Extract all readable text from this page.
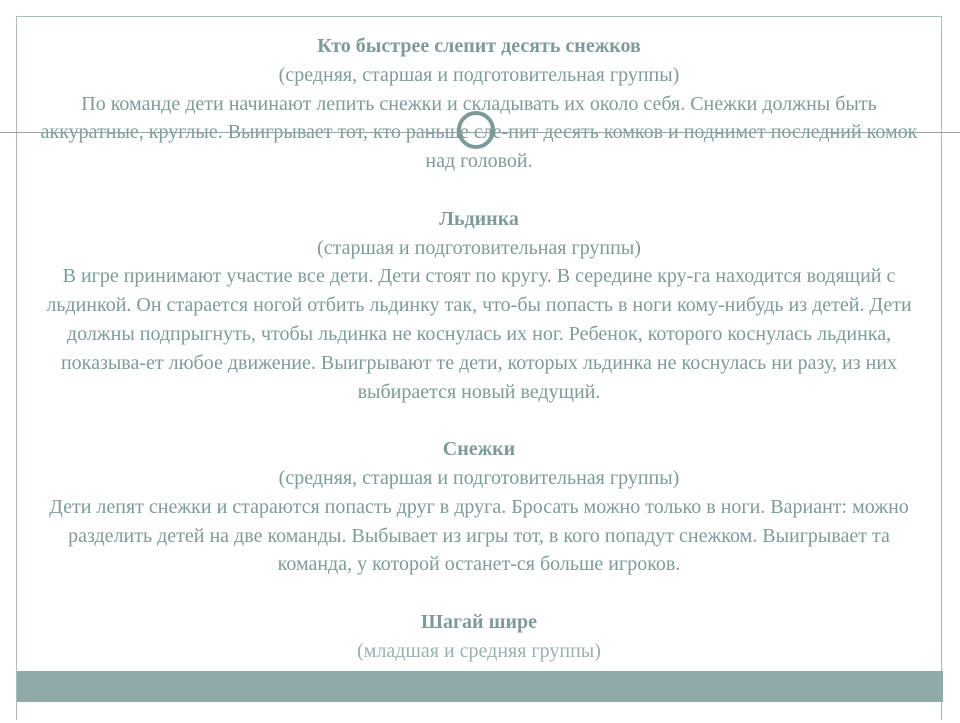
Кто быстрее слепит десять снежков
(средняя, старшая и подготовительная группы)
По команде дети начинают лепить снежки и складывать их около себя. Снежки должны быть аккуратные, круглые. Выигрывает тот, кто раньше сле-пит десять комков и поднимет последний комок над головой.
Льдинка
(старшая и подготовительная группы)
В игре принимают участие все дети. Дети стоят по кругу. В середине кру-га находится водящий с льдинкой. Он старается ногой отбить льдинку так, что-бы попасть в ноги кому-нибудь из детей. Дети должны подпрыгнуть, чтобы льдинка не коснулась их ног. Ребенок, которого коснулась льдинка, показыва-ет любое движение. Выигрывают те дети, которых льдинка не коснулась ни разу, из них выбирается новый ведущий.
Снежки
(средняя, старшая и подготовительная группы)
Дети лепят снежки и стараются попасть друг в друга. Бросать можно только в ноги. Вариант: можно разделить детей на две команды. Выбывает из игры тот, в кого попадут снежком. Выигрывает та команда, у которой останет-ся больше игроков.
Шагай шире
(младшая и средняя группы)
